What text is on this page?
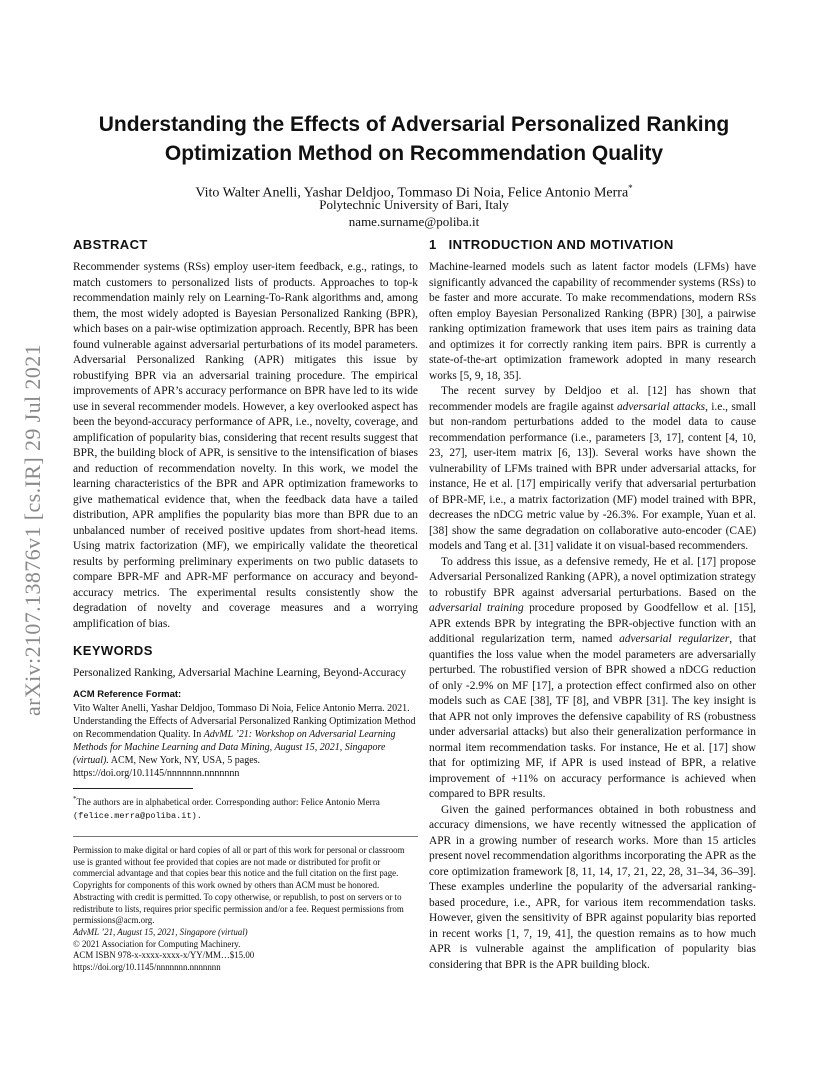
arXiv:2107.13876v1 [cs.IR] 29 Jul 2021
Understanding the Effects of Adversarial Personalized Ranking
Optimization Method on Recommendation Quality
Vito Walter Anelli, Yashar Deldjoo, Tommaso Di Noia, Felice Antonio Merra*
Polytechnic University of Bari, Italy
name.surname@poliba.it
ABSTRACT

Recommender systems (RSs) employ user-item feedback, e.g., ratings, to match customers to personalized lists of products. Approaches to top-k recommendation mainly rely on Learning-To-Rank algorithms and, among them, the most widely adopted is Bayesian Personalized Ranking (BPR), which bases on a pair-wise optimization approach. Recently, BPR has been found vulnerable against adversarial perturbations of its model parameters. Adversarial Personalized Ranking (APR) mitigates this issue by robustifying BPR via an adversarial training procedure. The empirical improvements of APR’s accuracy performance on BPR have led to its wide use in several recommender models. However, a key overlooked aspect has been the beyond-accuracy performance of APR, i.e., novelty, coverage, and amplification of popularity bias, considering that recent results suggest that BPR, the building block of APR, is sensitive to the intensification of biases and reduction of recommendation novelty. In this work, we model the learning characteristics of the BPR and APR optimization frameworks to give mathematical evidence that, when the feedback data have a tailed distribution, APR amplifies the popularity bias more than BPR due to an unbalanced number of received positive updates from short-head items. Using matrix factorization (MF), we empirically validate the theoretical results by performing preliminary experiments on two public datasets to compare BPR-MF and APR-MF performance on accuracy and beyond-accuracy metrics. The experimental results consistently show the degradation of novelty and coverage measures and a worrying amplification of bias.

KEYWORDS

Personalized Ranking, Adversarial Machine Learning, Beyond-Accuracy

ACM Reference Format:

Vito Walter Anelli, Yashar Deldjoo, Tommaso Di Noia, Felice Antonio Merra. 2021. Understanding the Effects of Adversarial Personalized Ranking Optimization Method on Recommendation Quality. In AdvML ’21: Workshop on Adversarial Learning Methods for Machine Learning and Data Mining, August 15, 2021, Singapore (virtual). ACM, New York, NY, USA, 5 pages. https://doi.org/10.1145/nnnnnnn.nnnnnnn

*The authors are in alphabetical order. Corresponding author: Felice Antonio Merra
(felice.merra@poliba.it).
Permission to make digital or hard copies of all or part of this work for personal or classroom use is granted without fee provided that copies are not made or distributed for profit or commercial advantage and that copies bear this notice and the full citation on the first page. Copyrights for components of this work owned by others than ACM must be honored. Abstracting with credit is permitted. To copy otherwise, or republish, to post on servers or to redistribute to lists, requires prior specific permission and/or a fee. Request permissions from permissions@acm.org.
AdvML ’21, August 15, 2021, Singapore (virtual)
© 2021 Association for Computing Machinery.
ACM ISBN 978-x-xxxx-xxxx-x/YY/MM…$15.00
https://doi.org/10.1145/nnnnnnn.nnnnnnn
1   INTRODUCTION AND MOTIVATION

Machine-learned models such as latent factor models (LFMs) have significantly advanced the capability of recommender systems (RSs) to be faster and more accurate. To make recommendations, modern RSs often employ Bayesian Personalized Ranking (BPR) [30], a pairwise ranking optimization framework that uses item pairs as training data and optimizes it for correctly ranking item pairs. BPR is currently a state-of-the-art optimization framework adopted in many research works [5, 9, 18, 35].

The recent survey by Deldjoo et al. [12] has shown that recommender models are fragile against adversarial attacks, i.e., small but non-random perturbations added to the model data to cause recommendation performance (i.e., parameters [3, 17], content [4, 10, 23, 27], user-item matrix [6, 13]). Several works have shown the vulnerability of LFMs trained with BPR under adversarial attacks, for instance, He et al. [17] empirically verify that adversarial perturbation of BPR-MF, i.e., a matrix factorization (MF) model trained with BPR, decreases the nDCG metric value by -26.3%. For example, Yuan et al. [38] show the same degradation on collaborative auto-encoder (CAE) models and Tang et al. [31] validate it on visual-based recommenders.

To address this issue, as a defensive remedy, He et al. [17] propose Adversarial Personalized Ranking (APR), a novel optimization strategy to robustify BPR against adversarial perturbations. Based on the adversarial training procedure proposed by Goodfellow et al. [15], APR extends BPR by integrating the BPR-objective function with an additional regularization term, named adversarial regularizer, that quantifies the loss value when the model parameters are adversarially perturbed. The robustified version of BPR showed a nDCG reduction of only -2.9% on MF [17], a protection effect confirmed also on other models such as CAE [38], TF [8], and VBPR [31]. The key insight is that APR not only improves the defensive capability of RS (robustness under adversarial attacks) but also their generalization performance in normal item recommendation tasks. For instance, He et al. [17] show that for optimizing MF, if APR is used instead of BPR, a relative improvement of +11% on accuracy performance is achieved when compared to BPR results.

Given the gained performances obtained in both robustness and accuracy dimensions, we have recently witnessed the application of APR in a growing number of research works. More than 15 articles present novel recommendation algorithms incorporating the APR as the core optimization framework [8, 11, 14, 17, 21, 22, 28, 31–34, 36–39]. These examples underline the popularity of the adversarial ranking-based procedure, i.e., APR, for various item recommendation tasks. However, given the sensitivity of BPR against popularity bias reported in recent works [1, 7, 19, 41], the question remains as to how much APR is vulnerable against the amplification of popularity bias considering that BPR is the APR building block.
